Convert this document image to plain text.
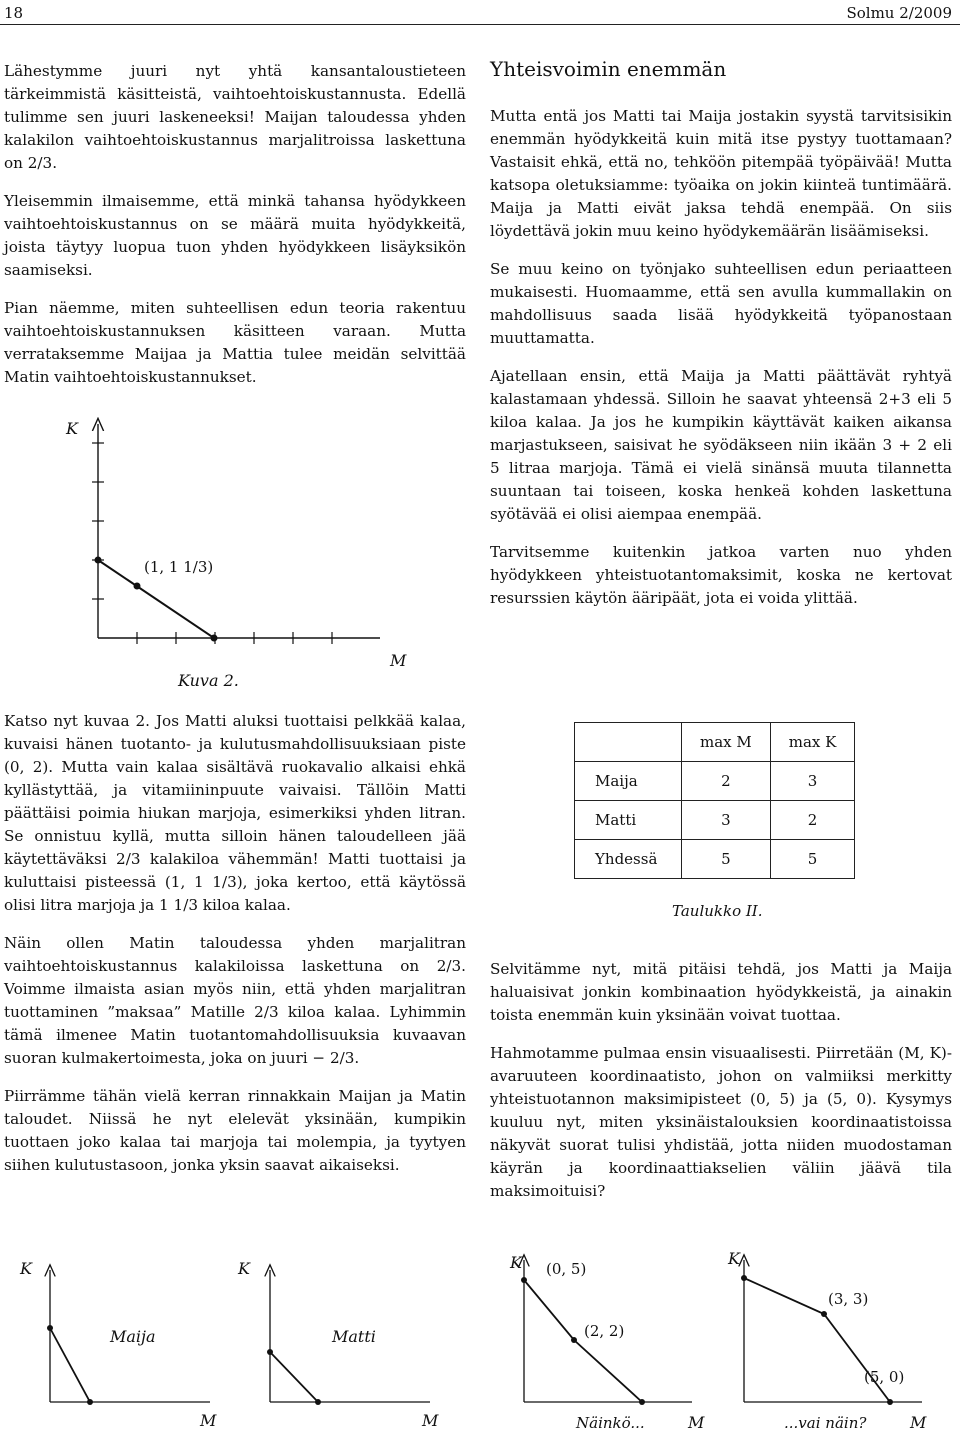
18	Solmu 2/2009

Lähestymme juuri nyt yhtä kansantaloustieteen tärkeimmistä käsitteistä, vaihtoehtoiskustannusta. Edellä tulimme sen juuri laskeneeksi! Maijan taloudessa yhden kalakilon vaihtoehtoiskustannus marjalitroissa laskettuna on 2/3.

Yleisemmin ilmaisemme, että minkä tahansa hyödykkeen vaihtoehtoiskustannus on se määrä muita hyödykkeitä, joista täytyy luopua tuon yhden hyödykkeen lisäyksikön saamiseksi.

Pian näemme, miten suhteellisen edun teoria rakentuu vaihtoehtoiskustannuksen käsitteen varaan. Mutta verrataksemme Maijaa ja Mattia tulee meidän selvittää Matin vaihtoehtoiskustannukset.

K
M
(1, 1 1/3)
Kuva 2.

Katso nyt kuvaa 2. Jos Matti aluksi tuottaisi pelkkää kalaa, kuvaisi hänen tuotanto- ja kulutusmahdollisuuksiaan piste (0, 2). Mutta vain kalaa sisältävä ruokavalio alkaisi ehkä kyllästyttää, ja vitamiininpuute vaivaisi. Tällöin Matti päättäisi poimia hiukan marjoja, esimerkiksi yhden litran. Se onnistuu kyllä, mutta silloin hänen taloudelleen jää käytettäväksi 2/3 kalakiloa vähemmän! Matti tuottaisi ja kuluttaisi pisteessä (1, 1 1/3), joka kertoo, että käytössä olisi litra marjoja ja 1 1/3 kiloa kalaa.

Näin ollen Matin taloudessa yhden marjalitran vaihtoehtoiskustannus kalakiloissa laskettuna on 2/3. Voimme ilmaista asian myös niin, että yhden marjalitran tuottaminen ”maksaa” Matille 2/3 kiloa kalaa. Lyhimmin tämä ilmenee Matin tuotantomahdollisuuksia kuvaavan suoran kulmakertoimesta, joka on juuri − 2/3.

Piirrämme tähän vielä kerran rinnakkain Maijan ja Matin taloudet. Niissä he nyt elelevät yksinään, kumpikin tuottaen joko kalaa tai marjoja tai molempia, ja tyytyen siihen kulutustasoon, jonka yksin saavat aikaiseksi.

K
M
Maija
K
M
Matti
Yhteisvoimin enemmän

Mutta entä jos Matti tai Maija jostakin syystä tarvitsisikin enemmän hyödykkeitä kuin mitä itse pystyy tuottamaan? Vastaisit ehkä, että no, tehköön pitempää työpäivää! Mutta katsopa oletuksiamme: työaika on jokin kiinteä tuntimäärä. Maija ja Matti eivät jaksa tehdä enempää. On siis löydettävä jokin muu keino hyödykemäärän lisäämiseksi.

Se muu keino on työnjako suhteellisen edun periaatteen mukaisesti. Huomaamme, että sen avulla kummallakin on mahdollisuus saada lisää hyödykkeitä työpanostaan muuttamatta.

Ajatellaan ensin, että Maija ja Matti päättävät ryhtyä kalastamaan yhdessä. Silloin he saavat yhteensä 2+3 eli 5 kiloa kalaa. Ja jos he kumpikin käyttävät kaiken aikansa marjastukseen, saisivat he syödäkseen niin ikään 3 + 2 eli 5 litraa marjoja. Tämä ei vielä sinänsä muuta tilannetta suuntaan tai toiseen, koska henkeä kohden laskettuna syötävää ei olisi aiempaa enempää.

Tarvitsemme kuitenkin jatkoa varten nuo yhden hyödykkeen yhteistuotantomaksimit, koska ne kertovat resurssien käytön ääripäät, jota ei voida ylittää.

	max M	max K
Maija	2	3
Matti	3	2
Yhdessä	5	5
Taulukko II.

Selvitämme nyt, mitä pitäisi tehdä, jos Matti ja Maija haluaisivat jonkin kombinaation hyödykkeistä, ja ainakin toista enemmän kuin yksinään voivat tuottaa.

Hahmotamme pulmaa ensin visuaalisesti. Piirretään (M, K)-avaruuteen koordinaatisto, johon on valmiiksi merkitty yhteistuotannon maksimipisteet (0, 5) ja (5, 0). Kysymys kuuluu nyt, miten yksinäistalouksien koordinaatistoissa näkyvät suorat tulisi yhdistää, jotta niiden muodostaman käyrän ja koordinaattiakselien väliin jäävä tila maksimoituisi?

K
M
(0, 5)
(2, 2)
Näinkö...
K
M
(3, 3)
(5, 0)
...vai näin?
